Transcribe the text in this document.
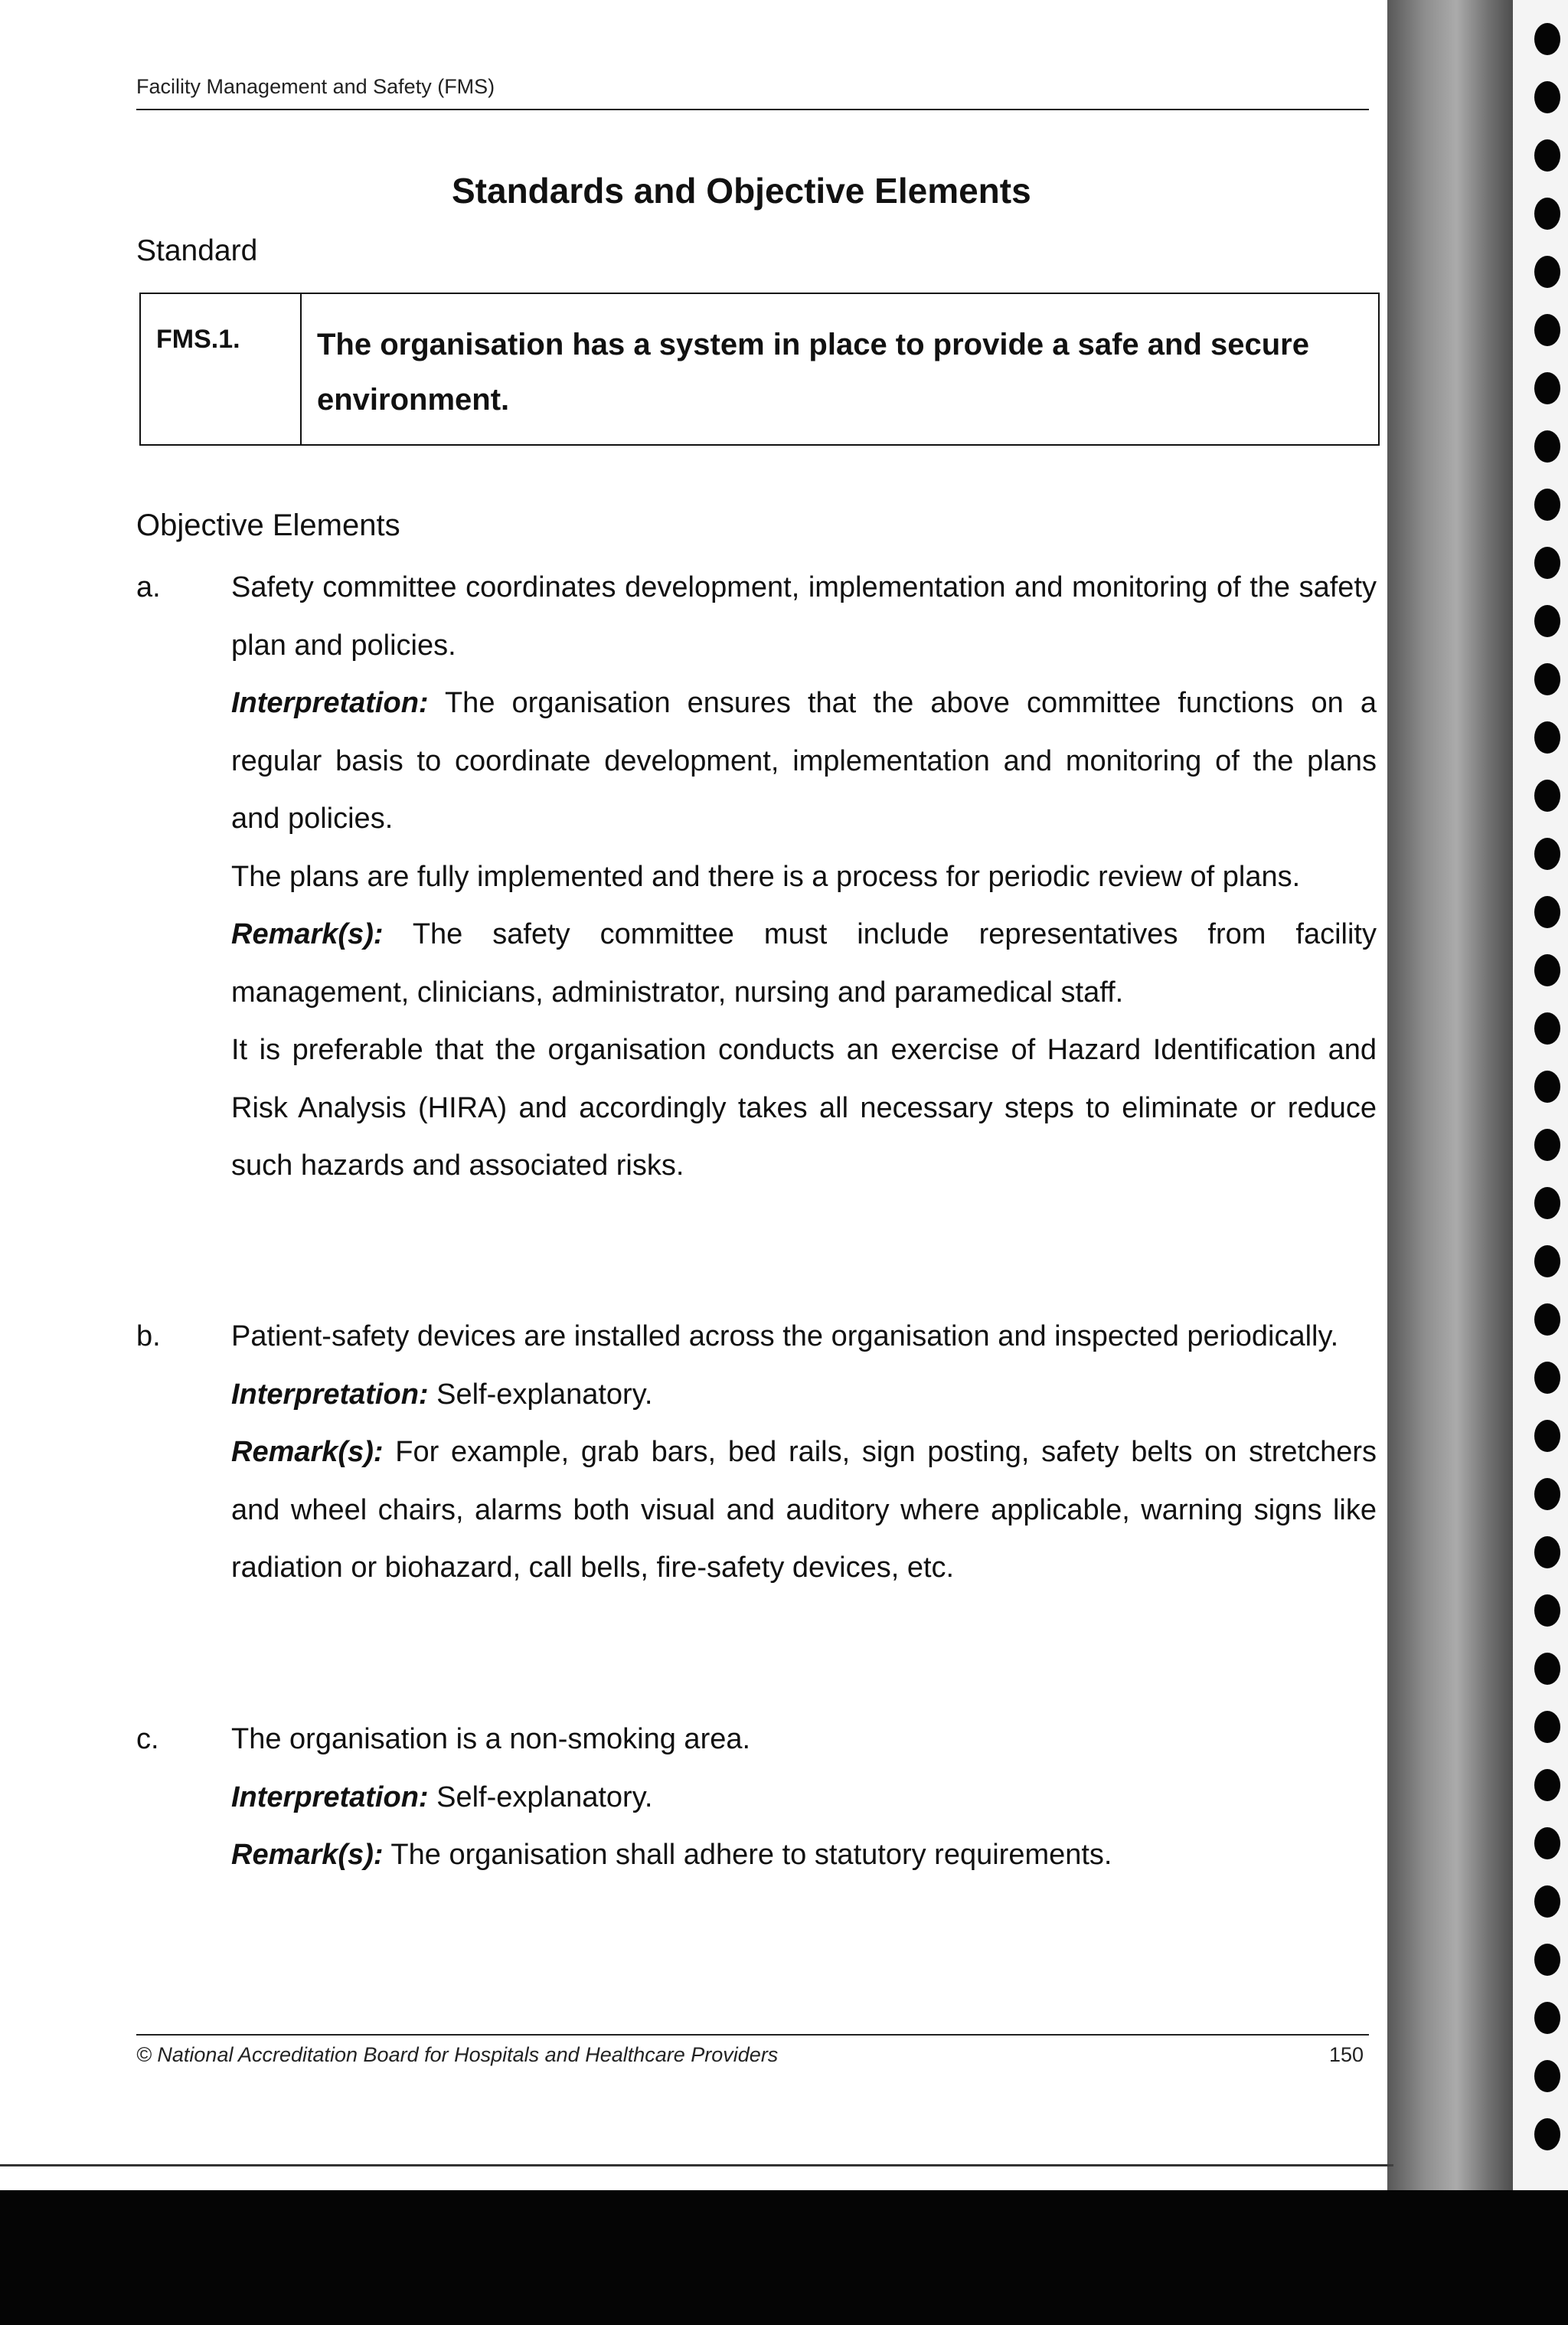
Facility Management and Safety (FMS)
Standards and Objective Elements
Standard
FMS.1.	The organisation has a system in place to provide a safe and secure environment.
Objective Elements
a. Safety committee coordinates development, implementation and monitoring of the safety plan and policies.

Interpretation: The organisation ensures that the above committee functions on a regular basis to coordinate development, implementation and monitoring of the plans and policies.

The plans are fully implemented and there is a process for periodic review of plans.

Remark(s): The safety committee must include representatives from facility management, clinicians, administrator, nursing and paramedical staff.

It is preferable that the organisation conducts an exercise of Hazard Identification and Risk Analysis (HIRA) and accordingly takes all necessary steps to eliminate or reduce such hazards and associated risks.

b. Patient-safety devices are installed across the organisation and inspected periodically.

Interpretation: Self-explanatory.

Remark(s): For example, grab bars, bed rails, sign posting, safety belts on stretchers and wheel chairs, alarms both visual and auditory where applicable, warning signs like radiation or biohazard, call bells, fire-safety devices, etc.

c. The organisation is a non-smoking area.

Interpretation: Self-explanatory.

Remark(s): The organisation shall adhere to statutory requirements.

© National Accreditation Board for Hospitals and Healthcare Providers	150
